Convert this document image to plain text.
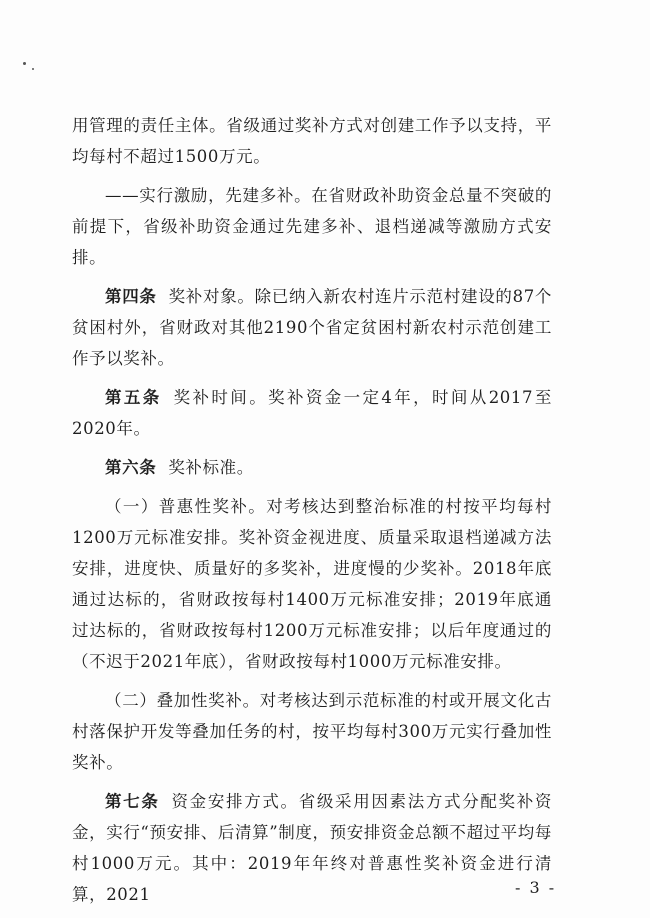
用管理的责任主体。省级通过奖补方式对创建工作予以支持，平均每村不超过1500万元。

——实行激励，先建多补。在省财政补助资金总量不突破的前提下，省级补助资金通过先建多补、退档递减等激励方式安排。

第四条 奖补对象。除已纳入新农村连片示范村建设的87个贫困村外，省财政对其他2190个省定贫困村新农村示范创建工作予以奖补。

第五条 奖补时间。奖补资金一定4年，时间从2017至2020年。

第六条 奖补标准。

（一）普惠性奖补。对考核达到整治标准的村按平均每村1200万元标准安排。奖补资金视进度、质量采取退档递减方法安排，进度快、质量好的多奖补，进度慢的少奖补。2018年底通过达标的，省财政按每村1400万元标准安排；2019年底通过达标的，省财政按每村1200万元标准安排；以后年度通过的（不迟于2021年底），省财政按每村1000万元标准安排。

（二）叠加性奖补。对考核达到示范标准的村或开展文化古村落保护开发等叠加任务的村，按平均每村300万元实行叠加性奖补。

第七条 资金安排方式。省级采用因素法方式分配奖补资金，实行“预安排、后清算”制度，预安排资金总额不超过平均每村1000万元。其中：2019年年终对普惠性奖补资金进行清算，2021	- 3 -
